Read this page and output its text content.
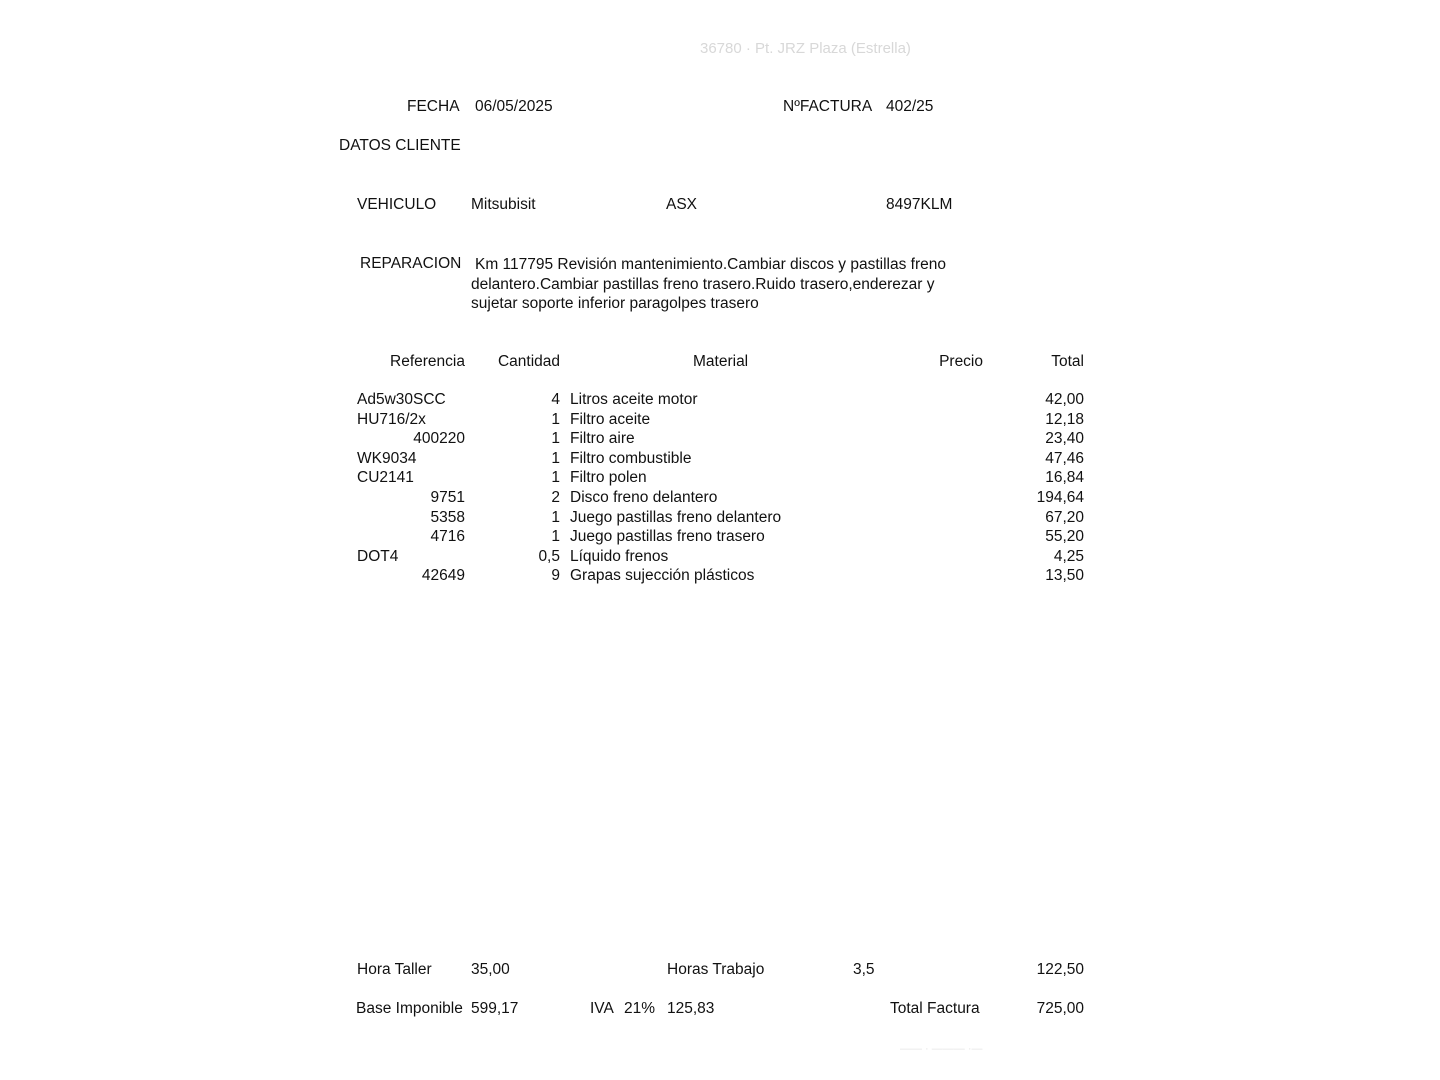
36780 · Pt. JRZ Plaza (Estrella)
FECHA 06/05/2025	NºFACTURA 402/25
DATOS CLIENTE
VEHICULO Mitsubisit	ASX	8497KLM
REPARACION Km 117795 Revisión mantenimiento.Cambiar discos y pastillas freno delantero.Cambiar pastillas freno trasero.Ruido trasero,enderezar y sujetar soporte inferior paragolpes trasero
Referencia Cantidad	Material	Precio	Total
Ad5w30SCC	4 Litros aceite motor	42,00
HU716/2x	1 Filtro aceite	12,18
400220	1 Filtro aire	23,40
WK9034	1 Filtro combustible	47,46
CU2141	1 Filtro polen	16,84
9751	2 Disco freno delantero	194,64
5358	1 Juego pastillas freno delantero	67,20
4716	1 Juego pastillas freno trasero	55,20
DOT4	0,5 Líquido frenos	4,25
42649	9 Grapas sujección plásticos	13,50
Hora Taller	35,00	Horas Trabajo	3,5	122,50
Base Imponible 599,17	IVA 21% 125,83	Total Factura	725,00
—— · ——— ·—
